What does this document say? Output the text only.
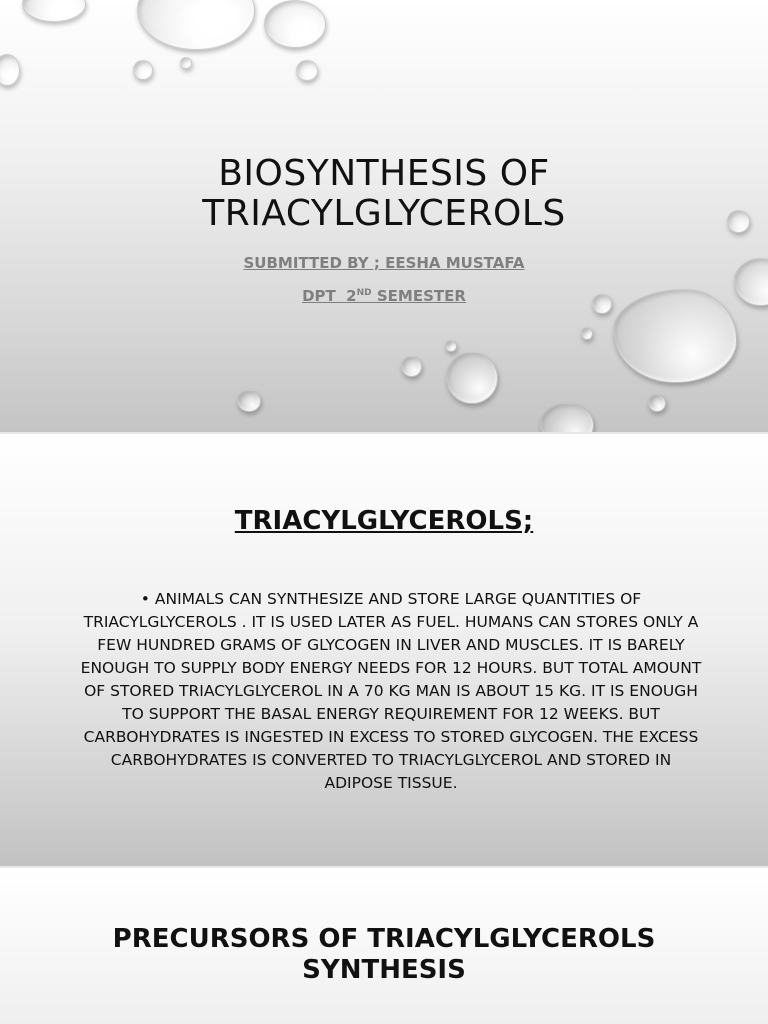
BIOSYNTHESIS OF
TRIACYLGLYCEROLS
SUBMITTED BY ; EESHA MUSTAFA
DPT  2ND SEMESTER
TRIACYLGLYCEROLS;
• ANIMALS CAN SYNTHESIZE AND STORE LARGE QUANTITIES OF TRIACYLGLYCEROLS . IT IS USED LATER AS FUEL. HUMANS CAN STORES ONLY A FEW HUNDRED GRAMS OF GLYCOGEN IN LIVER AND MUSCLES. IT IS BARELY ENOUGH TO SUPPLY BODY ENERGY NEEDS FOR 12 HOURS. BUT TOTAL AMOUNT OF STORED TRIACYLGLYCEROL IN A 70 KG MAN IS ABOUT 15 KG. IT IS ENOUGH TO SUPPORT THE BASAL ENERGY REQUIREMENT FOR 12 WEEKS. BUT CARBOHYDRATES IS INGESTED IN EXCESS TO STORED GLYCOGEN. THE EXCESS CARBOHYDRATES IS CONVERTED TO TRIACYLGLYCEROL AND STORED IN ADIPOSE TISSUE.
PRECURSORS OF TRIACYLGLYCEROLS
SYNTHESIS
